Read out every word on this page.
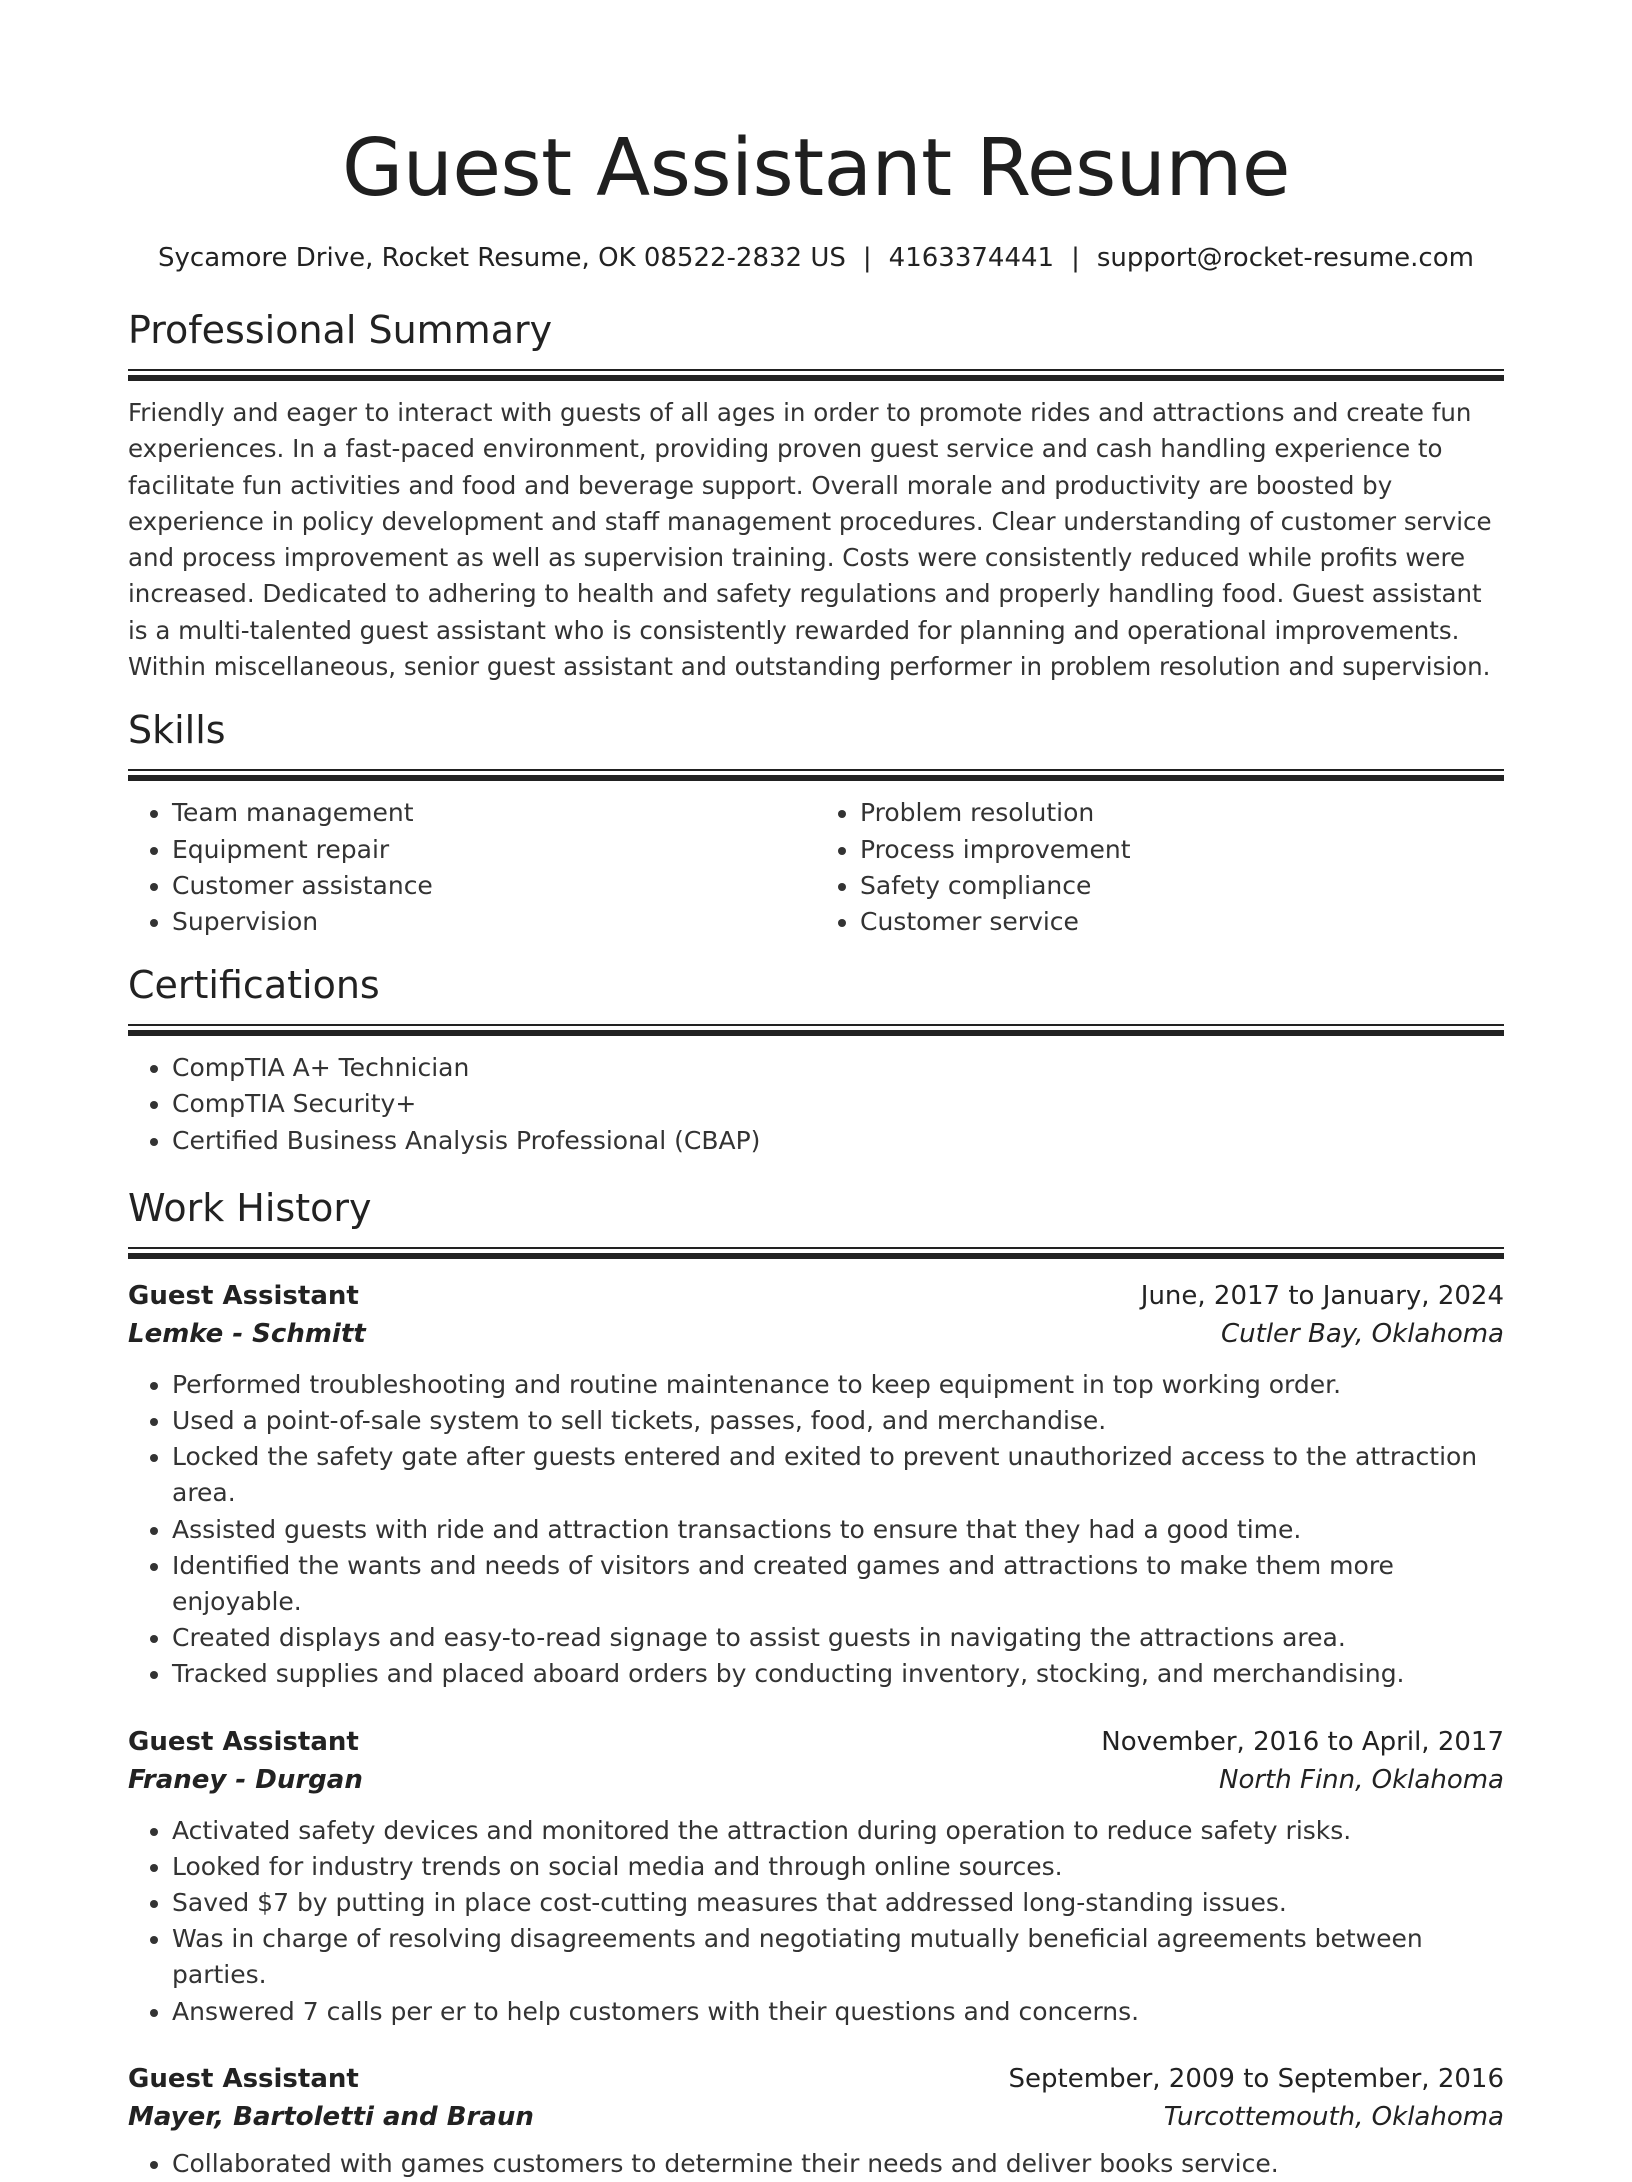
Guest Assistant Resume
Sycamore Drive, Rocket Resume, OK 08522-2832 US | 4163374441 | support@rocket-resume.com
Professional Summary

Friendly and eager to interact with guests of all ages in order to promote rides and attractions and create fun experiences. In a fast-paced environment, providing proven guest service and cash handling experience to facilitate fun activities and food and beverage support. Overall morale and productivity are boosted by experience in policy development and staff management procedures. Clear understanding of customer service and process improvement as well as supervision training. Costs were consistently reduced while profits were increased. Dedicated to adhering to health and safety regulations and properly handling food. Guest assistant is a multi-talented guest assistant who is consistently rewarded for planning and operational improvements. Within miscellaneous, senior guest assistant and outstanding performer in problem resolution and supervision.

Skills
• Team management
• Equipment repair
• Customer assistance
• Supervision
• Problem resolution
• Process improvement
• Safety compliance
• Customer service
Certifications
• CompTIA A+ Technician
• CompTIA Security+
• Certified Business Analysis Professional (CBAP)
Work History
Guest Assistant	June, 2017 to January, 2024
Lemke - Schmitt	Cutler Bay, Oklahoma
• Performed troubleshooting and routine maintenance to keep equipment in top working order.
• Used a point-of-sale system to sell tickets, passes, food, and merchandise.
• Locked the safety gate after guests entered and exited to prevent unauthorized access to the attraction area.
• Assisted guests with ride and attraction transactions to ensure that they had a good time.
• Identified the wants and needs of visitors and created games and attractions to make them more enjoyable.
• Created displays and easy-to-read signage to assist guests in navigating the attractions area.
• Tracked supplies and placed aboard orders by conducting inventory, stocking, and merchandising.
Guest Assistant	November, 2016 to April, 2017
Franey - Durgan	North Finn, Oklahoma
• Activated safety devices and monitored the attraction during operation to reduce safety risks.
• Looked for industry trends on social media and through online sources.
• Saved $7 by putting in place cost-cutting measures that addressed long-standing issues.
• Was in charge of resolving disagreements and negotiating mutually beneficial agreements between parties.
• Answered 7 calls per er to help customers with their questions and concerns.
Guest Assistant	September, 2009 to September, 2016
Mayer, Bartoletti and Braun	Turcottemouth, Oklahoma
• Collaborated with games customers to determine their needs and deliver books service.
